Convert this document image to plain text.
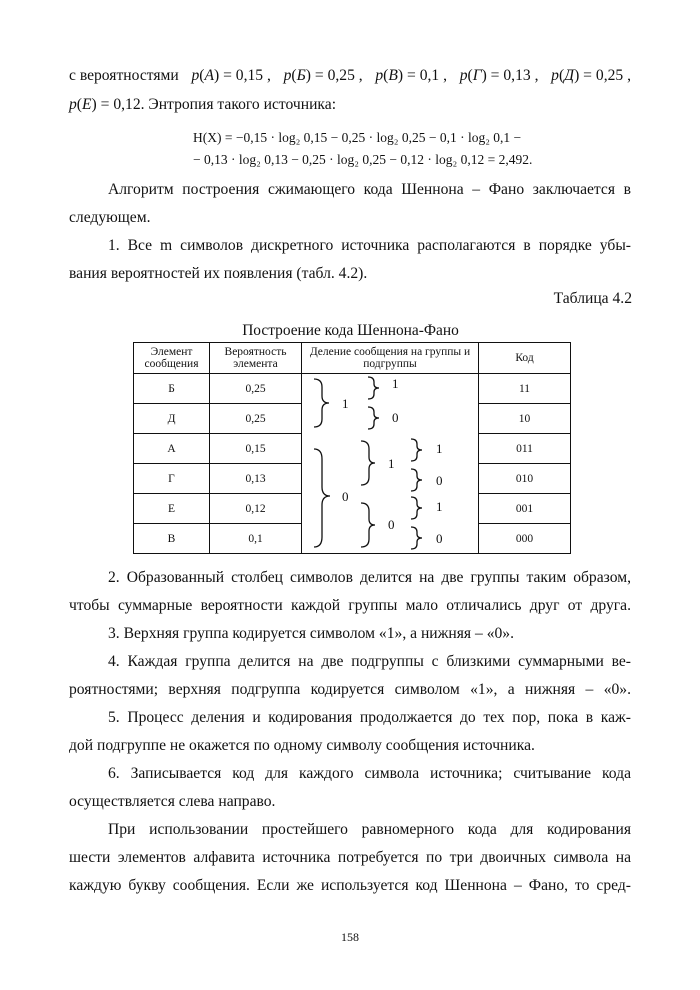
с вероятностями p(А) = 0,15 , p(Б) = 0,25 , p(В) = 0,1 , p(Г) = 0,13 , p(Д) = 0,25 ,
p(Е) = 0,12. Энтропия такого источника:
H(X) = −0,15 · log₂ 0,15 − 0,25 · log₂ 0,25 − 0,1 · log₂ 0,1 −
− 0,13 · log₂ 0,13 − 0,25 · log₂ 0,25 − 0,12 · log₂ 0,12 = 2,492.
Алгоритм построения сжимающего кода Шеннона – Фано заключается в
следующем.
1. Все m символов дискретного источника располагаются в порядке убы-
вания вероятностей их появления (табл. 4.2).
Таблица 4.2
Построение кода Шеннона-Фано
Элемент сообщения	Вероятность элемента	Деление сообщения на группы и подгруппы	Код
Б	0,25		11
Д	0,25		10
А	0,15		011
Г	0,13		010
Е	0,12		001
В	0,1		000
1
0
1
0
1
0
1
0
1
0
2. Образованный столбец символов делится на две группы таким образом,
чтобы суммарные вероятности каждой группы мало отличались друг от друга.
3. Верхняя группа кодируется символом «1», а нижняя – «0».
4. Каждая группа делится на две подгруппы с близкими суммарными ве-
роятностями; верхняя подгруппа кодируется символом «1», а нижняя – «0».
5. Процесс деления и кодирования продолжается до тех пор, пока в каж-
дой подгруппе не окажется по одному символу сообщения источника.
6. Записывается код для каждого символа источника; считывание кода
осуществляется слева направо.
При использовании простейшего равномерного кода для кодирования
шести элементов алфавита источника потребуется по три двоичных символа на
каждую букву сообщения. Если же используется код Шеннона – Фано, то сред-
158
